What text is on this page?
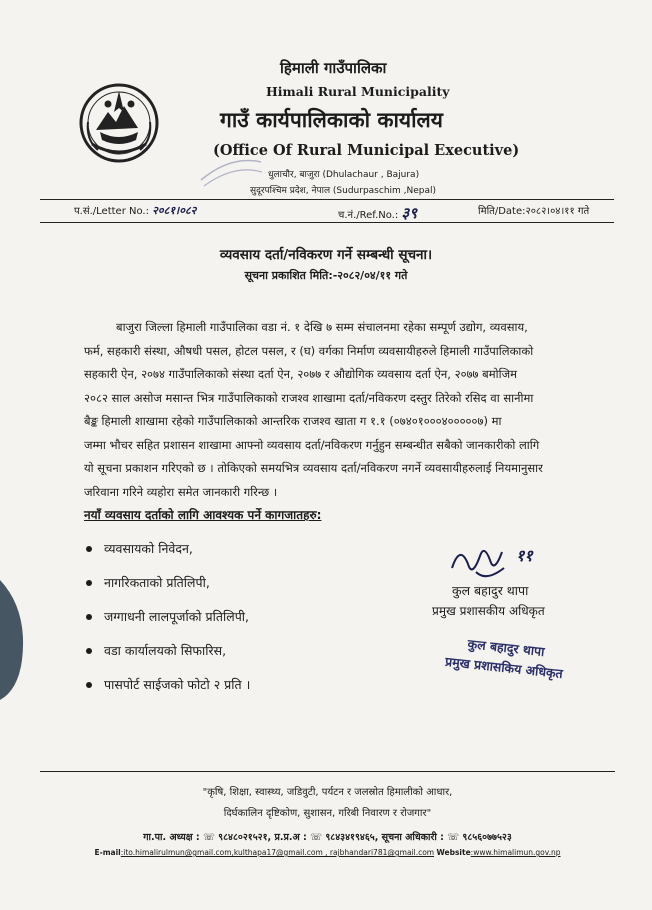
हिमाली गाउँपालिका
Himali Rural Municipality
गाउँ कार्यपालिकाको कार्यालय
(Office Of Rural Municipal Executive)
धुलाचौर, बाजुरा (Dhulachaur , Bajura)
सुदूरपश्चिम प्रदेश, नेपाल (Sudurpaschim ,Nepal)
प.सं./Letter No.: २०८१।०८२	च.नं./Ref.No.: ३९	मिति/Date:२०८२।०४।११ गते
व्यवसाय दर्ता/नविकरण गर्ने सम्बन्धी सूचना।
सूचना प्रकाशित मिति:-२०८२/०४/११ गते

बाजुरा जिल्ला हिमाली गाउँपालिका वडा नं. १ देखि ७ सम्म संचालनमा रहेका सम्पूर्ण उद्योग, व्यवसाय,

फर्म, सहकारी संस्था, औषधी पसल, होटल पसल, र (घ) वर्गका निर्माण व्यवसायीहरुले हिमाली गाउँपालिकाको

सहकारी ऐन, २०७४ गाउँपालिकाको संस्था दर्ता ऐन, २०७७ र औद्योगिक व्यवसाय दर्ता ऐन, २०७७ बमोजिम

२०८२ साल असोज मसान्त भित्र गाउँपालिकाको राजश्व शाखामा दर्ता/नविकरण दस्तुर तिरेको रसिद वा सानीमा

बैङ्क हिमाली शाखामा रहेको गाउँपालिकाको आन्तरिक राजश्व खाता ग १.१ (०७४०१०००४०००००७) मा

जम्मा भौचर सहित प्रशासन शाखामा आफ्नो व्यवसाय दर्ता/नविकरण गर्नुहुन सम्बन्धीत सबैको जानकारीको लागि

यो सूचना प्रकाशन गरिएको छ । तोकिएको समयभित्र व्यवसाय दर्ता/नविकरण नगर्ने व्यवसायीहरुलाई नियमानुसार

जरिवाना गरिने व्यहोरा समेत जानकारी गरिन्छ ।

नयाँ व्यवसाय दर्ताको लागि आवश्यक पर्ने कागजातहरु:
व्यवसायको निवेदन,
नागरिकताको प्रतिलिपी,
जग्गाधनी लालपूर्जाको प्रतिलिपी,
वडा कार्यालयको सिफारिस,
पासपोर्ट साईजको फोटो २ प्रति ।
११
कुल बहादुर थापा
प्रमुख प्रशासकीय अधिकृत
कुल बहादुर थापा
प्रमुख प्रशासकिय अधिकृत
"कृषि, शिक्षा, स्वास्थ्य, जडिवुटी, पर्यटन र जलस्रोत हिमालीको आधार,
दिर्घकालिन दृष्टिकोण, सुशासन, गरिबी निवारण र रोजगार"
गा.पा. अध्यक्ष : ☏ ९८४८०२१५२१, प्र.प्र.अ : ☏ ९८४३४१९४६५, सूचना अधिकारी : ☏ ९८५६०७७५२३
E-mail:ito.himalirulmun@gmail.com,kulthapa17@gmail.com , rajbhandari781@gmail.com Website:www.himalimun.gov.np
